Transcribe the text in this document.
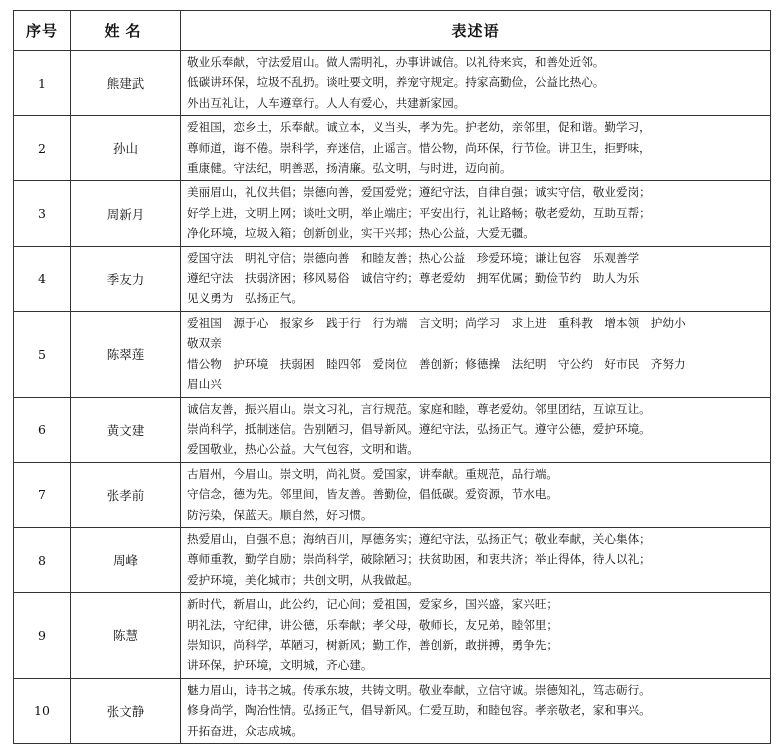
序号	姓名	表述语
1	熊建武	敬业乐奉献，守法爱眉山。做人需明礼，办事讲诚信。以礼待来宾，和善处近邻。
低碳讲环保，垃圾不乱扔。谈吐要文明，养宠守规定。持家高勤俭，公益比热心。
外出互礼让，人车遵章行。人人有爱心，共建新家园。

2	孙山	爱祖国，恋乡土，乐奉献。诚立本，义当头，孝为先。护老幼，亲邻里，促和谐。勤学习，
尊师道，诲不倦。崇科学，弃迷信，止谣言。惜公物，尚环保，行节俭。讲卫生，拒野味，
重康健。守法纪，明善恶，扬清廉。弘文明，与时进，迈向前。

3	周新月	美丽眉山，礼仪共倡；崇德向善，爱国爱党；遵纪守法，自律自强；诚实守信，敬业爱岗；
好学上进，文明上网；谈吐文明，举止端庄；平安出行，礼让路畅；敬老爱幼，互助互帮；
净化环境，垃圾入箱；创新创业，实干兴邦；热心公益，大爱无疆。

4	季友力	爱国守法　明礼守信；崇德向善　和睦友善；热心公益　珍爱环境；谦让包容　乐观善学
遵纪守法　扶弱济困；移风易俗　诚信守约；尊老爱幼　拥军优属；勤俭节约　助人为乐
见义勇为　弘扬正气。

5	陈翠莲	爱祖国　源于心　报家乡　践于行　行为端　言文明；尚学习　求上进　重科教　增本领　护幼小
敬双亲
惜公物　护环境　扶弱困　睦四邻　爱岗位　善创新；修德操　法纪明　守公约　好市民　齐努力
眉山兴

6	黄文建	诚信友善，振兴眉山。崇文习礼，言行规范。家庭和睦，尊老爱幼。邻里团结，互谅互让。
崇尚科学，抵制迷信。告别陋习，倡导新风。遵纪守法，弘扬正气。遵守公德，爱护环境。
爱国敬业，热心公益。大气包容，文明和谐。

7	张孝前	古眉州，今眉山。崇文明，尚礼贤。爱国家，讲奉献。重规范，品行端。
守信念，德为先。邻里间，皆友善。善勤俭，倡低碳。爱资源，节水电。
防污染，保蓝天。顺自然，好习惯。

8	周峰	热爱眉山，自强不息；海纳百川，厚德务实；遵纪守法，弘扬正气；敬业奉献，关心集体；
尊师重教，勤学自励；崇尚科学，破除陋习；扶贫助困，和衷共济；举止得体，待人以礼；
爱护环境，美化城市；共创文明，从我做起。

9	陈慧	新时代，新眉山，此公约，记心间；爱祖国，爱家乡，国兴盛，家兴旺；
明礼法，守纪律，讲公德，乐奉献；孝父母，敬师长，友兄弟，睦邻里；
崇知识，尚科学，革陋习，树新风；勤工作，善创新，敢拼搏，勇争先；
讲环保，护环境，文明城，齐心建。

10	张文静	魅力眉山，诗书之城。传承东坡，共铸文明。敬业奉献，立信守诚。崇德知礼，笃志砺行。
修身尚学，陶冶性情。弘扬正气，倡导新风。仁爱互助，和睦包容。孝亲敬老，家和事兴。
开拓奋进，众志成城。
